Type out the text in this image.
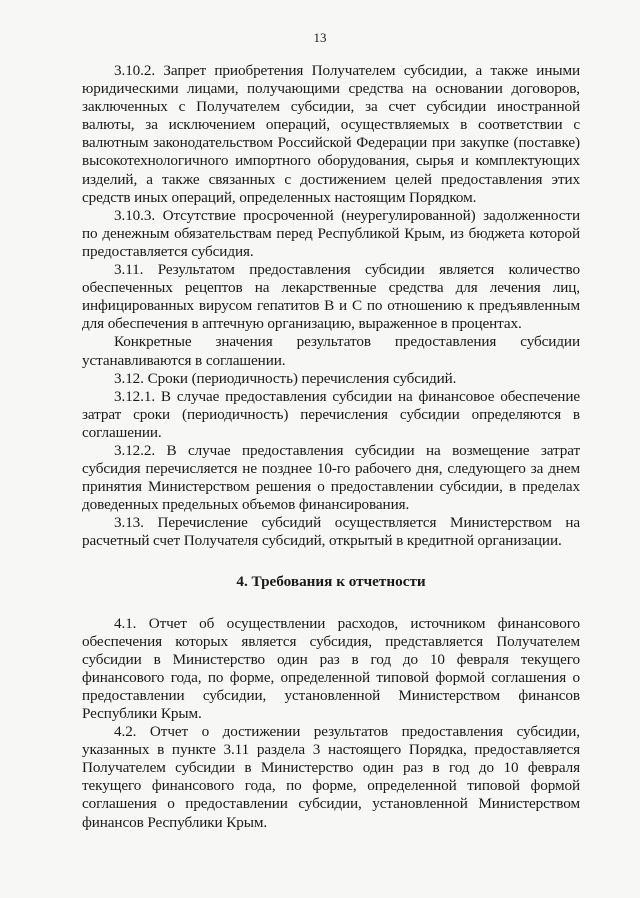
13

3.10.2. Запрет приобретения Получателем субсидии, а также иными юридическими лицами, получающими средства на основании договоров, заключенных с Получателем субсидии, за счет субсидии иностранной валюты, за исключением операций, осуществляемых в соответствии с валютным законодательством Российской Федерации при закупке (поставке) высокотехнологичного импортного оборудования, сырья и комплектующих изделий, а также связанных с достижением целей предоставления этих средств иных операций, определенных настоящим Порядком.

3.10.3. Отсутствие просроченной (неурегулированной) задолженности по денежным обязательствам перед Республикой Крым, из бюджета которой предоставляется субсидия.

3.11. Результатом предоставления субсидии является количество обеспеченных рецептов на лекарственные средства для лечения лиц, инфицированных вирусом гепатитов В и С по отношению к предъявленным для обеспечения в аптечную организацию, выраженное в процентах.

Конкретные значения результатов предоставления субсидии устанавливаются в соглашении.

3.12. Сроки (периодичность) перечисления субсидий.

3.12.1. В случае предоставления субсидии на финансовое обеспечение затрат сроки (периодичность) перечисления субсидии определяются в соглашении.

3.12.2. В случае предоставления субсидии на возмещение затрат субсидия перечисляется не позднее 10-го рабочего дня, следующего за днем принятия Министерством решения о предоставлении субсидии, в пределах доведенных предельных объемов финансирования.

3.13. Перечисление субсидий осуществляется Министерством на расчетный счет Получателя субсидий, открытый в кредитной организации.

4. Требования к отчетности

4.1. Отчет об осуществлении расходов, источником финансового обеспечения которых является субсидия, представляется Получателем субсидии в Министерство один раз в год до 10 февраля текущего финансового года, по форме, определенной типовой формой соглашения о предоставлении субсидии, установленной Министерством финансов Республики Крым.

4.2. Отчет о достижении результатов предоставления субсидии, указанных в пункте 3.11 раздела 3 настоящего Порядка, предоставляется Получателем субсидии в Министерство один раз в год до 10 февраля текущего финансового года, по форме, определенной типовой формой соглашения о предоставлении субсидии, установленной Министерством финансов Республики Крым.
